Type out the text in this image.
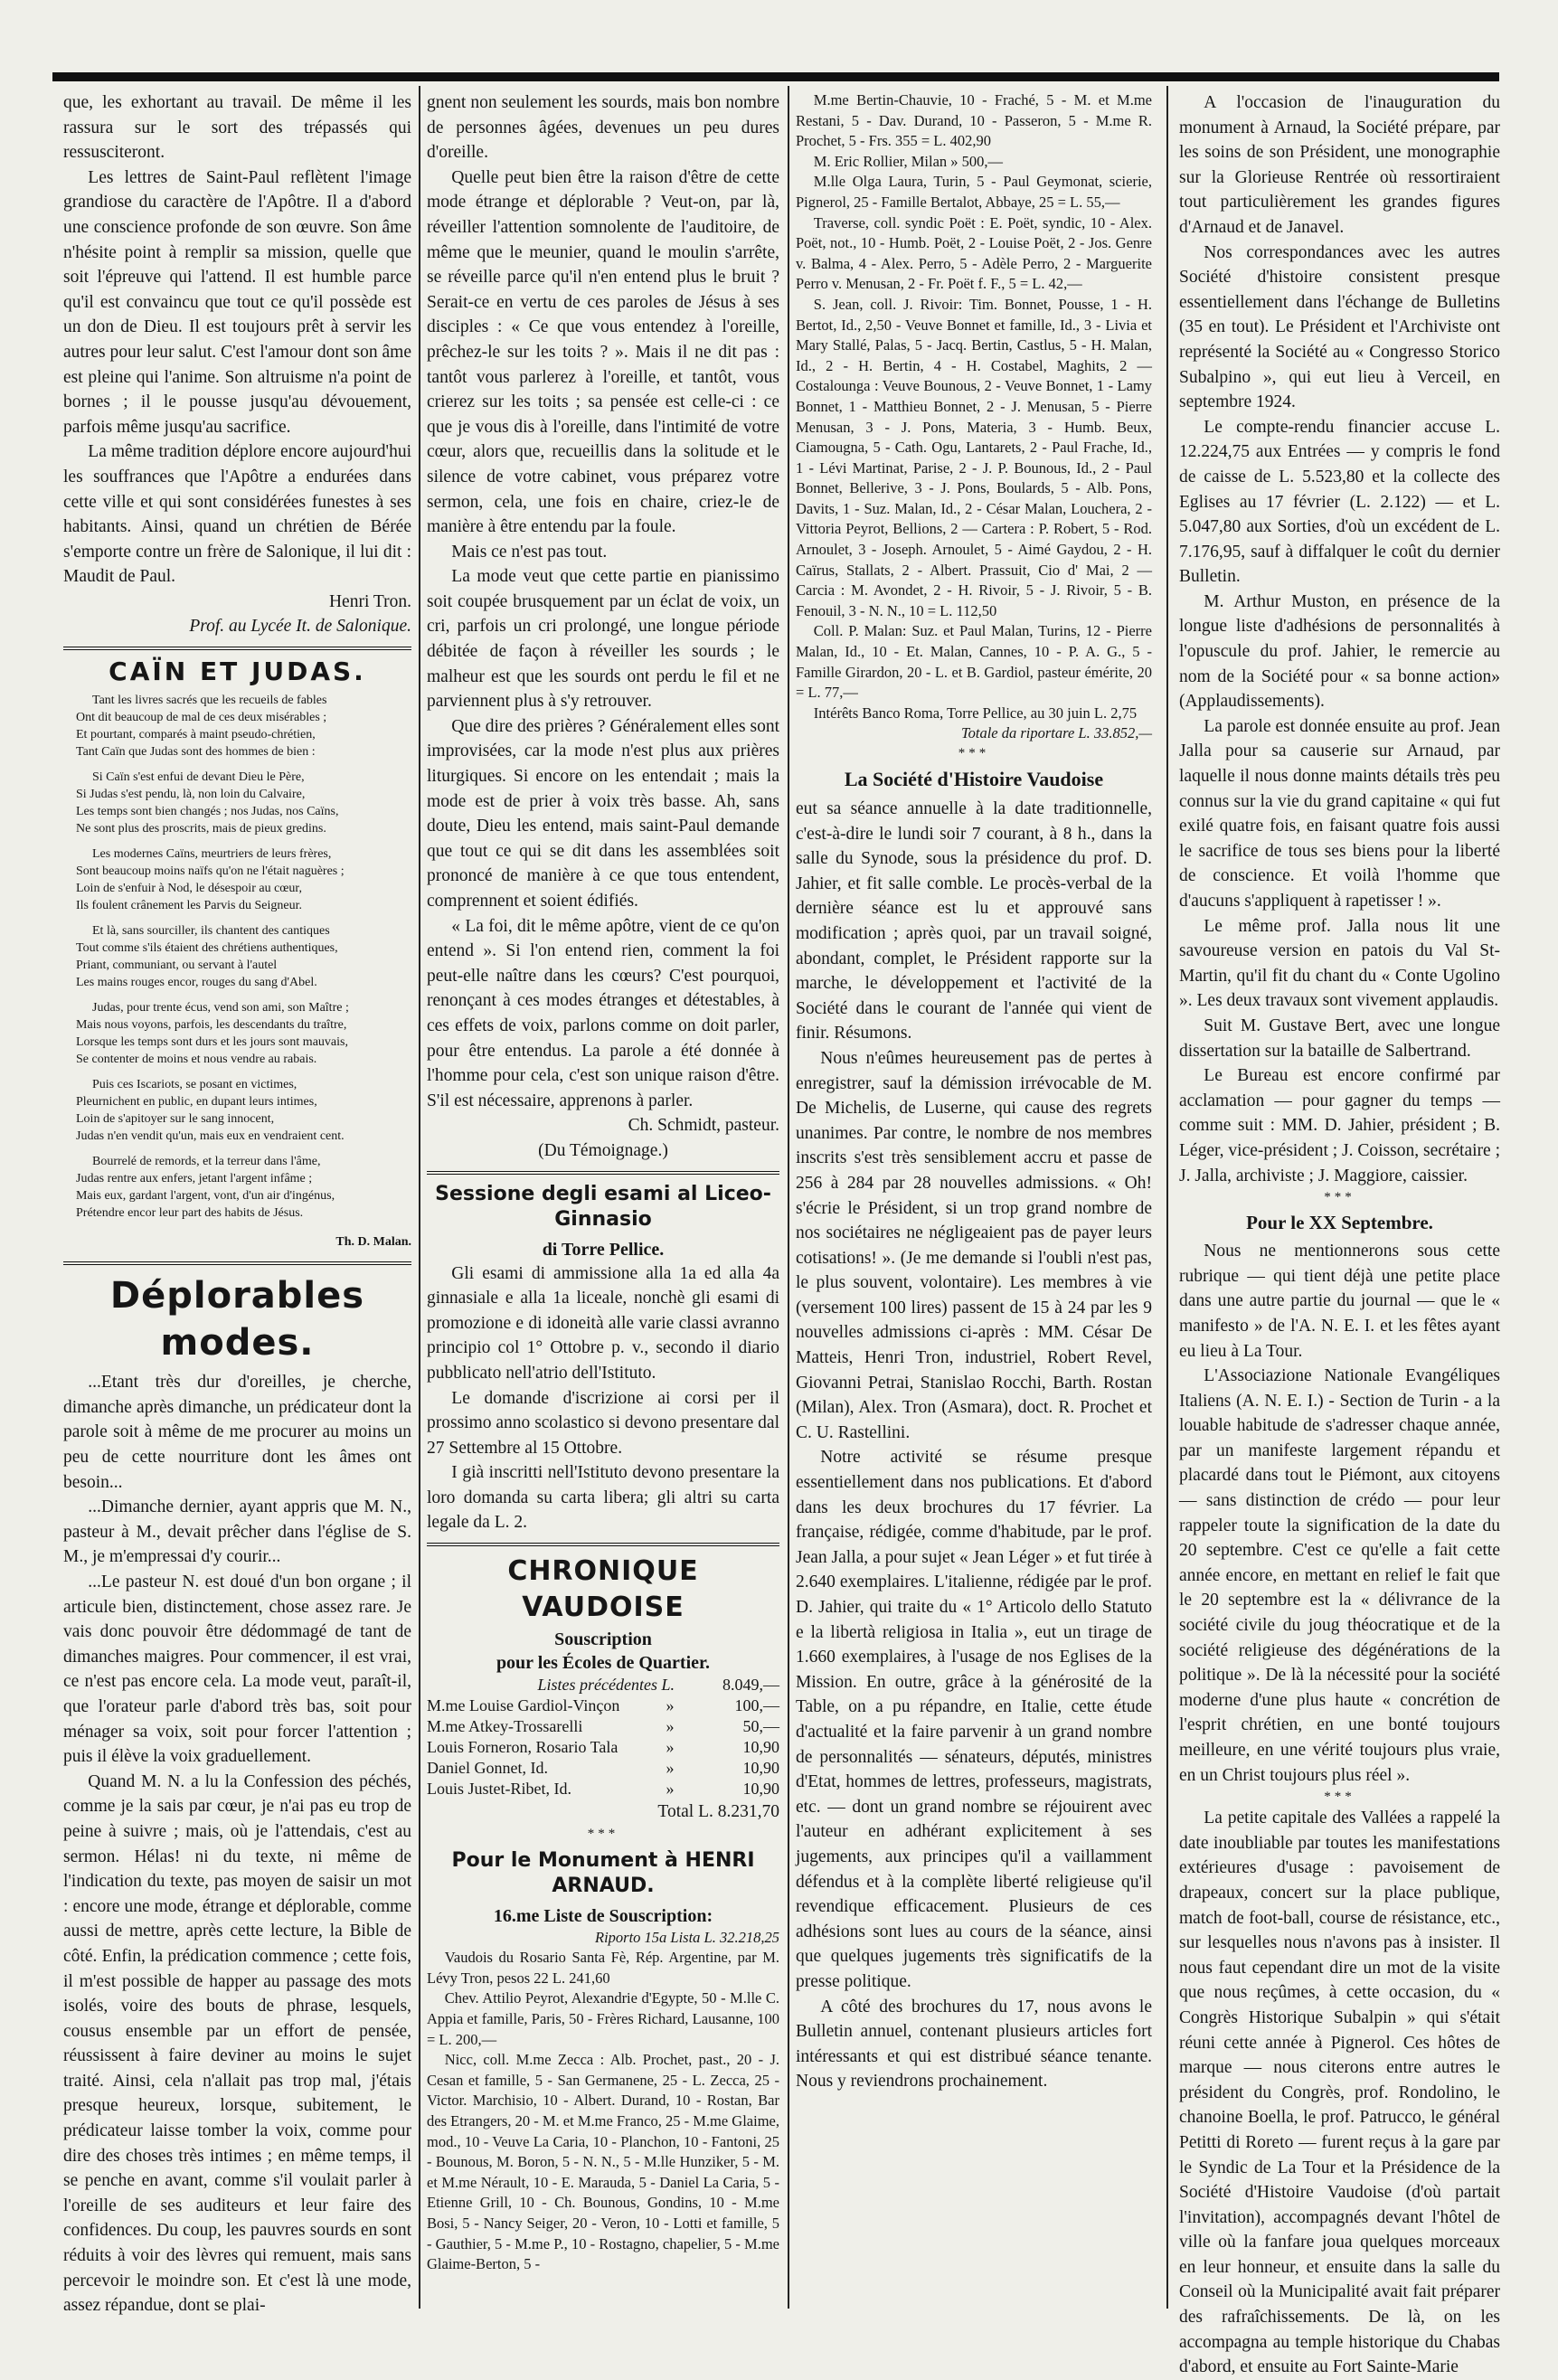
que, les exhortant au travail. De même il les rassura sur le sort des trépassés qui ressusciteront.

Les lettres de Saint-Paul reflètent l'image grandiose du caractère de l'Apôtre. Il a d'abord une conscience profonde de son œuvre. Son âme n'hésite point à remplir sa mission, quelle que soit l'épreuve qui l'attend. Il est humble parce qu'il est convaincu que tout ce qu'il possède est un don de Dieu. Il est toujours prêt à servir les autres pour leur salut. C'est l'amour dont son âme est pleine qui l'anime. Son altruisme n'a point de bornes ; il le pousse jusqu'au dévouement, parfois même jusqu'au sacrifice.

La même tradition déplore encore aujourd'hui les souffrances que l'Apôtre a endurées dans cette ville et qui sont considérées funestes à ses habitants. Ainsi, quand un chrétien de Bérée s'emporte contre un frère de Salonique, il lui dit : Maudit de Paul.

Henri Tron.

Prof. au Lycée It. de Salonique.

CAÏN ET JUDAS.
Tant les livres sacrés que les recueils de fables
Ont dit beaucoup de mal de ces deux misérables ;
Et pourtant, comparés à maint pseudo-chrétien,
Tant Caïn que Judas sont des hommes de bien :
Si Caïn s'est enfui de devant Dieu le Père,
Si Judas s'est pendu, là, non loin du Calvaire,
Les temps sont bien changés ; nos Judas, nos Caïns,
Ne sont plus des proscrits, mais de pieux gredins.
Les modernes Caïns, meurtriers de leurs frères,
Sont beaucoup moins naïfs qu'on ne l'était naguères ;
Loin de s'enfuir à Nod, le désespoir au cœur,
Ils foulent crânement les Parvis du Seigneur.
Et là, sans sourciller, ils chantent des cantiques
Tout comme s'ils étaient des chrétiens authentiques,
Priant, communiant, ou servant à l'autel
Les mains rouges encor, rouges du sang d'Abel.
Judas, pour trente écus, vend son ami, son Maître ;
Mais nous voyons, parfois, les descendants du traître,
Lorsque les temps sont durs et les jours sont mauvais,
Se contenter de moins et nous vendre au rabais.
Puis ces Iscariots, se posant en victimes,
Pleurnichent en public, en dupant leurs intimes,
Loin de s'apitoyer sur le sang innocent,
Judas n'en vendit qu'un, mais eux en vendraient cent.
Bourrelé de remords, et la terreur dans l'âme,
Judas rentre aux enfers, jetant l'argent infâme ;
Mais eux, gardant l'argent, vont, d'un air d'ingénus,
Prétendre encor leur part des habits de Jésus.

Th. D. Malan.

Déplorables modes.

...Etant très dur d'oreilles, je cherche, dimanche après dimanche, un prédicateur dont la parole soit à même de me procurer au moins un peu de cette nourriture dont les âmes ont besoin...

...Dimanche dernier, ayant appris que M. N., pasteur à M., devait prêcher dans l'église de S. M., je m'empressai d'y courir...

...Le pasteur N. est doué d'un bon organe ; il articule bien, distinctement, chose assez rare. Je vais donc pouvoir être dédommagé de tant de dimanches maigres. Pour commencer, il est vrai, ce n'est pas encore cela. La mode veut, paraît-il, que l'orateur parle d'abord très bas, soit pour ménager sa voix, soit pour forcer l'attention ; puis il élève la voix graduellement.

Quand M. N. a lu la Confession des péchés, comme je la sais par cœur, je n'ai pas eu trop de peine à suivre ; mais, où je l'attendais, c'est au sermon. Hélas! ni du texte, ni même de l'indication du texte, pas moyen de saisir un mot : encore une mode, étrange et déplorable, comme aussi de mettre, après cette lecture, la Bible de côté. Enfin, la prédication commence ; cette fois, il m'est possible de happer au passage des mots isolés, voire des bouts de phrase, lesquels, cousus ensemble par un effort de pensée, réussissent à faire deviner au moins le sujet traité. Ainsi, cela n'allait pas trop mal, j'étais presque heureux, lorsque, subitement, le prédicateur laisse tomber la voix, comme pour dire des choses très intimes ; en même temps, il se penche en avant, comme s'il voulait parler à l'oreille de ses auditeurs et leur faire des confidences. Du coup, les pauvres sourds en sont réduits à voir des lèvres qui remuent, mais sans percevoir le moindre son. Et c'est là une mode, assez répandue, dont se plai-

gnent non seulement les sourds, mais bon nombre de personnes âgées, devenues un peu dures d'oreille.

Quelle peut bien être la raison d'être de cette mode étrange et déplorable ? Veut-on, par là, réveiller l'attention somnolente de l'auditoire, de même que le meunier, quand le moulin s'arrête, se réveille parce qu'il n'en entend plus le bruit ? Serait-ce en vertu de ces paroles de Jésus à ses disciples : « Ce que vous entendez à l'oreille, prêchez-le sur les toits ? ». Mais il ne dit pas : tantôt vous parlerez à l'oreille, et tantôt, vous crierez sur les toits ; sa pensée est celle-ci : ce que je vous dis à l'oreille, dans l'intimité de votre cœur, alors que, recueillis dans la solitude et le silence de votre cabinet, vous préparez votre sermon, cela, une fois en chaire, criez-le de manière à être entendu par la foule.

Mais ce n'est pas tout.

La mode veut que cette partie en pianissimo soit coupée brusquement par un éclat de voix, un cri, parfois un cri prolongé, une longue période débitée de façon à réveiller les sourds ; le malheur est que les sourds ont perdu le fil et ne parviennent plus à s'y retrouver.

Que dire des prières ? Généralement elles sont improvisées, car la mode n'est plus aux prières liturgiques. Si encore on les entendait ; mais la mode est de prier à voix très basse. Ah, sans doute, Dieu les entend, mais saint-Paul demande que tout ce qui se dit dans les assemblées soit prononcé de manière à ce que tous entendent, comprennent et soient édifiés.

« La foi, dit le même apôtre, vient de ce qu'on entend ». Si l'on entend rien, comment la foi peut-elle naître dans les cœurs? C'est pourquoi, renonçant à ces modes étranges et détestables, à ces effets de voix, parlons comme on doit parler, pour être entendus. La parole a été donnée à l'homme pour cela, c'est son unique raison d'être. S'il est nécessaire, apprenons à parler.

Ch. Schmidt, pasteur.

(Du Témoignage.)

Sessione degli esami al Liceo-Ginnasio
di Torre Pellice.

Gli esami di ammissione alla 1a ed alla 4a ginnasiale e alla 1a liceale, nonchè gli esami di promozione e di idoneità alle varie classi avranno principio col 1° Ottobre p. v., secondo il diario pubblicato nell'atrio dell'Istituto.

Le domande d'iscrizione ai corsi per il prossimo anno scolastico si devono presentare dal 27 Settembre al 15 Ottobre.

I già inscritti nell'Istituto devono presentare la loro domanda su carta libera; gli altri su carta legale da L. 2.

CHRONIQUE VAUDOISE
Souscription
pour les Écoles de Quartier.
Listes précédentes L.	8.049,—
M.me Louise Gardiol-Vinçon	»	100,—
M.me Atkey-Trossarelli	»	50,—
Louis Forneron, Rosario Tala	»	10,90
Daniel Gonnet, Id.	»	10,90
Louis Justet-Ribet, Id.	»	10,90

Total L. 8.231,70

***
Pour le Monument à HENRI ARNAUD.
16.me Liste de Souscription:

Riporto 15a Lista L. 32.218,25

Vaudois du Rosario Santa Fè, Rép. Argentine, par M. Lévy Tron, pesos 22 L. 241,60

Chev. Attilio Peyrot, Alexandrie d'Egypte, 50 - M.lle C. Appia et famille, Paris, 50 - Frères Richard, Lausanne, 100 = L. 200,—

Nicc, coll. M.me Zecca : Alb. Prochet, past., 20 - J. Cesan et famille, 5 - San Germanene, 25 - L. Zecca, 25 - Victor. Marchisio, 10 - Albert. Durand, 10 - Rostan, Bar des Etrangers, 20 - M. et M.me Franco, 25 - M.me Glaime, mod., 10 - Veuve La Caria, 10 - Planchon, 10 - Fantoni, 25 - Bounous, M. Boron, 5 - N. N., 5 - M.lle Hunziker, 5 - M. et M.me Nérault, 10 - E. Marauda, 5 - Daniel La Caria, 5 - Etienne Grill, 10 - Ch. Bounous, Gondins, 10 - M.me Bosi, 5 - Nancy Seiger, 20 - Veron, 10 - Lotti et famille, 5 - Gauthier, 5 - M.me P., 10 - Rostagno, chapelier, 5 - M.me Glaime-Berton, 5 -

M.me Bertin-Chauvie, 10 - Fraché, 5 - M. et M.me Restani, 5 - Dav. Durand, 10 - Passeron, 5 - M.me R. Prochet, 5 - Frs. 355 = L. 402,90

M. Eric Rollier, Milan » 500,—

M.lle Olga Laura, Turin, 5 - Paul Geymonat, scierie, Pignerol, 25 - Famille Bertalot, Abbaye, 25 = L. 55,—

Traverse, coll. syndic Poët : E. Poët, syndic, 10 - Alex. Poët, not., 10 - Humb. Poët, 2 - Louise Poët, 2 - Jos. Genre v. Balma, 4 - Alex. Perro, 5 - Adèle Perro, 2 - Marguerite Perro v. Menusan, 2 - Fr. Poët f. F., 5 = L. 42,—

S. Jean, coll. J. Rivoir: Tim. Bonnet, Pousse, 1 - H. Bertot, Id., 2,50 - Veuve Bonnet et famille, Id., 3 - Livia et Mary Stallé, Palas, 5 - Jacq. Bertin, Castlus, 5 - H. Malan, Id., 2 - H. Bertin, 4 - H. Costabel, Maghits, 2 — Costalounga : Veuve Bounous, 2 - Veuve Bonnet, 1 - Lamy Bonnet, 1 - Matthieu Bonnet, 2 - J. Menusan, 5 - Pierre Menusan, 3 - J. Pons, Materia, 3 - Humb. Beux, Ciamougna, 5 - Cath. Ogu, Lantarets, 2 - Paul Frache, Id., 1 - Lévi Martinat, Parise, 2 - J. P. Bounous, Id., 2 - Paul Bonnet, Bellerive, 3 - J. Pons, Boulards, 5 - Alb. Pons, Davits, 1 - Suz. Malan, Id., 2 - César Malan, Louchera, 2 - Vittoria Peyrot, Bellions, 2 — Cartera : P. Robert, 5 - Rod. Arnoulet, 3 - Joseph. Arnoulet, 5 - Aimé Gaydou, 2 - H. Caïrus, Stallats, 2 - Albert. Prassuit, Cio d' Mai, 2 — Carcia : M. Avondet, 2 - H. Rivoir, 5 - J. Rivoir, 5 - B. Fenouil, 3 - N. N., 10 = L. 112,50

Coll. P. Malan: Suz. et Paul Malan, Turins, 12 - Pierre Malan, Id., 10 - Et. Malan, Cannes, 10 - P. A. G., 5 - Famille Girardon, 20 - L. et B. Gardiol, pasteur émérite, 20 = L. 77,—

Intérêts Banco Roma, Torre Pellice, au 30 juin L. 2,75

Totale da riportare L. 33.852,—

***
La Société d'Histoire Vaudoise

eut sa séance annuelle à la date traditionnelle, c'est-à-dire le lundi soir 7 courant, à 8 h., dans la salle du Synode, sous la présidence du prof. D. Jahier, et fit salle comble. Le procès-verbal de la dernière séance est lu et approuvé sans modification ; après quoi, par un travail soigné, abondant, complet, le Président rapporte sur la marche, le développement et l'activité de la Société dans le courant de l'année qui vient de finir. Résumons.

Nous n'eûmes heureusement pas de pertes à enregistrer, sauf la démission irrévocable de M. De Michelis, de Luserne, qui cause des regrets unanimes. Par contre, le nombre de nos membres inscrits s'est très sensiblement accru et passe de 256 à 284 par 28 nouvelles admissions. « Oh! s'écrie le Président, si un trop grand nombre de nos sociétaires ne négligeaient pas de payer leurs cotisations! ». (Je me demande si l'oubli n'est pas, le plus souvent, volontaire). Les membres à vie (versement 100 lires) passent de 15 à 24 par les 9 nouvelles admissions ci-après : MM. César De Matteis, Henri Tron, industriel, Robert Revel, Giovanni Petrai, Stanislao Rocchi, Barth. Rostan (Milan), Alex. Tron (Asmara), doct. R. Prochet et C. U. Rastellini.

Notre activité se résume presque essentiellement dans nos publications. Et d'abord dans les deux brochures du 17 février. La française, rédigée, comme d'habitude, par le prof. Jean Jalla, a pour sujet « Jean Léger » et fut tirée à 2.640 exemplaires. L'italienne, rédigée par le prof. D. Jahier, qui traite du « 1° Articolo dello Statuto e la libertà religiosa in Italia », eut un tirage de 1.660 exemplaires, à l'usage de nos Eglises de la Mission. En outre, grâce à la générosité de la Table, on a pu répandre, en Italie, cette étude d'actualité et la faire parvenir à un grand nombre de personnalités — sénateurs, députés, ministres d'Etat, hommes de lettres, professeurs, magistrats, etc. — dont un grand nombre se réjouirent avec l'auteur en adhérant explicitement à ses jugements, aux principes qu'il a vaillamment défendus et à la complète liberté religieuse qu'il revendique efficacement. Plusieurs de ces adhésions sont lues au cours de la séance, ainsi que quelques jugements très significatifs de la presse politique.

A côté des brochures du 17, nous avons le Bulletin annuel, contenant plusieurs articles fort intéressants et qui est distribué séance tenante. Nous y reviendrons prochainement.

A l'occasion de l'inauguration du monument à Arnaud, la Société prépare, par les soins de son Président, une monographie sur la Glorieuse Rentrée où ressortiraient tout particulièrement les grandes figures d'Arnaud et de Janavel.

Nos correspondances avec les autres Société d'histoire consistent presque essentiellement dans l'échange de Bulletins (35 en tout). Le Président et l'Archiviste ont représenté la Société au « Congresso Storico Subalpino », qui eut lieu à Verceil, en septembre 1924.

Le compte-rendu financier accuse L. 12.224,75 aux Entrées — y compris le fond de caisse de L. 5.523,80 et la collecte des Eglises au 17 février (L. 2.122) — et L. 5.047,80 aux Sorties, d'où un excédent de L. 7.176,95, sauf à diffalquer le coût du dernier Bulletin.

M. Arthur Muston, en présence de la longue liste d'adhésions de personnalités à l'opuscule du prof. Jahier, le remercie au nom de la Société pour « sa bonne action» (Applaudissements).

La parole est donnée ensuite au prof. Jean Jalla pour sa causerie sur Arnaud, par laquelle il nous donne maints détails très peu connus sur la vie du grand capitaine « qui fut exilé quatre fois, en faisant quatre fois aussi le sacrifice de tous ses biens pour la liberté de conscience. Et voilà l'homme que d'aucuns s'appliquent à rapetisser ! ».

Le même prof. Jalla nous lit une savoureuse version en patois du Val St-Martin, qu'il fit du chant du « Conte Ugolino ». Les deux travaux sont vivement applaudis.

Suit M. Gustave Bert, avec une longue dissertation sur la bataille de Salbertrand.

Le Bureau est encore confirmé par acclamation — pour gagner du temps — comme suit : MM. D. Jahier, président ; B. Léger, vice-président ; J. Coisson, secrétaire ; J. Jalla, archiviste ; J. Maggiore, caissier.

***
Pour le XX Septembre.

Nous ne mentionnerons sous cette rubrique — qui tient déjà une petite place dans une autre partie du journal — que le « manifesto » de l'A. N. E. I. et les fêtes ayant eu lieu à La Tour.

L'Associazione Nationale Evangéliques Italiens (A. N. E. I.) - Section de Turin - a la louable habitude de s'adresser chaque année, par un manifeste largement répandu et placardé dans tout le Piémont, aux citoyens — sans distinction de crédo — pour leur rappeler toute la signification de la date du 20 septembre. C'est ce qu'elle a fait cette année encore, en mettant en relief le fait que le 20 septembre est la « délivrance de la société civile du joug théocratique et de la société religieuse des dégénérations de la politique ». De là la nécessité pour la société moderne d'une plus haute « concrétion de l'esprit chrétien, en une bonté toujours meilleure, en une vérité toujours plus vraie, en un Christ toujours plus réel ».

***

La petite capitale des Vallées a rappelé la date inoubliable par toutes les manifestations extérieures d'usage : pavoisement de drapeaux, concert sur la place publique, match de foot-ball, course de résistance, etc., sur lesquelles nous n'avons pas à insister. Il nous faut cependant dire un mot de la visite que nous reçûmes, à cette occasion, du « Congrès Historique Subalpin » qui s'était réuni cette année à Pignerol. Ces hôtes de marque — nous citerons entre autres le président du Congrès, prof. Rondolino, le chanoine Boella, le prof. Patrucco, le général Petitti di Roreto — furent reçus à la gare par le Syndic de La Tour et la Présidence de la Société d'Histoire Vaudoise (d'où partait l'invitation), accompagnés devant l'hôtel de ville où la fanfare joua quelques morceaux en leur honneur, et ensuite dans la salle du Conseil où la Municipalité avait fait préparer des rafraîchissements. De là, on les accompagna au temple historique du Chabas d'abord, et ensuite au Fort Sainte-Marie
